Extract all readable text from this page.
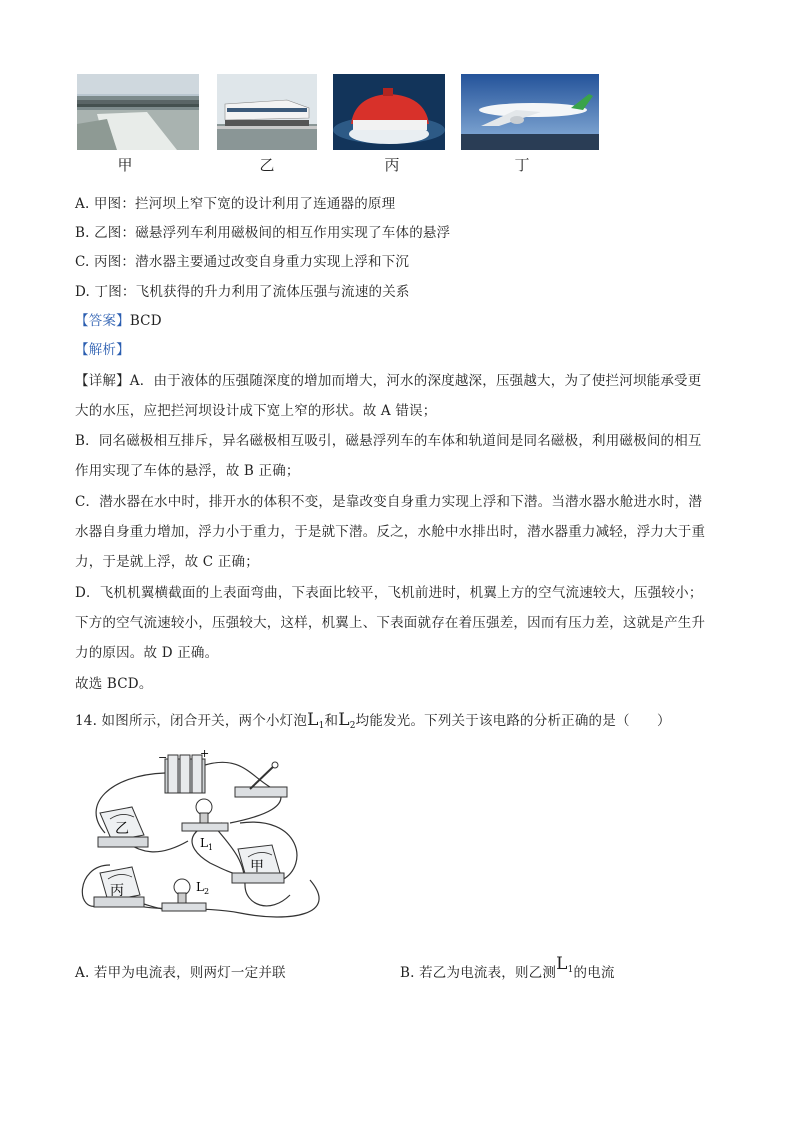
甲	乙	丙	丁
A. 甲图：拦河坝上窄下宽的设计利用了连通器的原理
B. 乙图：磁悬浮列车利用磁极间的相互作用实现了车体的悬浮
C. 丙图：潜水器主要通过改变自身重力实现上浮和下沉
D. 丁图：飞机获得的升力利用了流体压强与流速的关系
【答案】BCD
【解析】
【详解】A．由于液体的压强随深度的增加而增大，河水的深度越深，压强越大，为了使拦河坝能承受更
大的水压，应把拦河坝设计成下宽上窄的形状。故 A 错误；
B．同名磁极相互排斥，异名磁极相互吸引，磁悬浮列车的车体和轨道间是同名磁极，利用磁极间的相互
作用实现了车体的悬浮，故 B 正确；
C．潜水器在水中时，排开水的体积不变，是靠改变自身重力实现上浮和下潜。当潜水器水舱进水时，潜
水器自身重力增加，浮力小于重力，于是就下潜。反之，水舱中水排出时，潜水器重力减轻，浮力大于重
力，于是就上浮，故 C 正确；
D．飞机机翼横截面的上表面弯曲，下表面比较平，飞机前进时，机翼上方的空气流速较大，压强较小；
下方的空气流速较小，压强较大，这样，机翼上、下表面就存在着压强差，因而有压力差，这就是产生升
力的原因。故 D 正确。
故选 BCD。
14. 如图所示，闭合开关，两个小灯泡$L_1$和$L_2$均能发光。下列关于该电路的分析正确的是（　　）
−	+
乙
L 1
甲
丙	L 2
A. 若甲为电流表，则两灯一定并联	B. 若乙为电流表，则乙测$L^1$的电流
